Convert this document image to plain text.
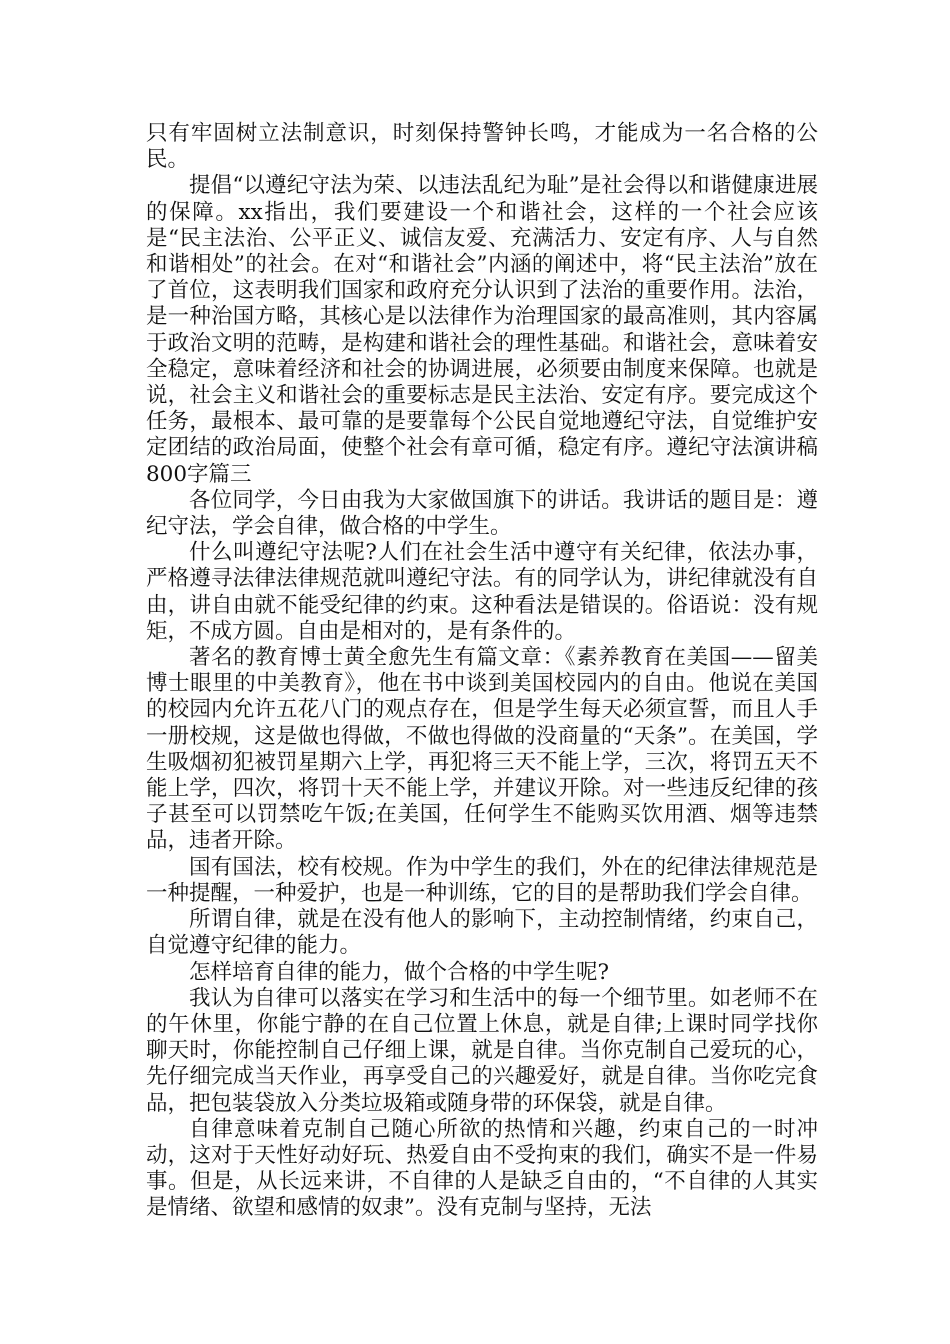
只有牢固树立法制意识，时刻保持警钟长鸣，才能成为一名合格的公民。

提倡“以遵纪守法为荣、以违法乱纪为耻”是社会得以和谐健康进展的保障。xx指出，我们要建设一个和谐社会，这样的一个社会应该是“民主法治、公平正义、诚信友爱、充满活力、安定有序、人与自然和谐相处”的社会。在对“和谐社会”内涵的阐述中，将“民主法治”放在了首位，这表明我们国家和政府充分认识到了法治的重要作用。法治，是一种治国方略，其核心是以法律作为治理国家的最高准则，其内容属于政治文明的范畴，是构建和谐社会的理性基础。和谐社会，意味着安全稳定，意味着经济和社会的协调进展，必须要由制度来保障。也就是说，社会主义和谐社会的重要标志是民主法治、安定有序。要完成这个任务，最根本、最可靠的是要靠每个公民自觉地遵纪守法，自觉维护安定团结的政治局面，使整个社会有章可循，稳定有序。遵纪守法演讲稿800字篇三

各位同学，今日由我为大家做国旗下的讲话。我讲话的题目是：遵纪守法，学会自律，做合格的中学生。

什么叫遵纪守法呢?人们在社会生活中遵守有关纪律，依法办事，严格遵寻法律法律规范就叫遵纪守法。有的同学认为，讲纪律就没有自由，讲自由就不能受纪律的约束。这种看法是错误的。俗语说：没有规矩，不成方圆。自由是相对的，是有条件的。

著名的教育博士黄全愈先生有篇文章：《素养教育在美国——留美博士眼里的中美教育》，他在书中谈到美国校园内的自由。他说在美国的校园内允许五花八门的观点存在，但是学生每天必须宣誓，而且人手一册校规，这是做也得做，不做也得做的没商量的“天条”。在美国，学生吸烟初犯被罚星期六上学，再犯将三天不能上学，三次，将罚五天不能上学，四次，将罚十天不能上学，并建议开除。对一些违反纪律的孩子甚至可以罚禁吃午饭;在美国，任何学生不能购买饮用酒、烟等违禁品，违者开除。

国有国法，校有校规。作为中学生的我们，外在的纪律法律规范是一种提醒，一种爱护，也是一种训练，它的目的是帮助我们学会自律。

所谓自律，就是在没有他人的影响下，主动控制情绪，约束自己，自觉遵守纪律的能力。

怎样培育自律的能力，做个合格的中学生呢?

我认为自律可以落实在学习和生活中的每一个细节里。如老师不在的午休里，你能宁静的在自己位置上休息，就是自律;上课时同学找你聊天时，你能控制自己仔细上课，就是自律。当你克制自己爱玩的心，先仔细完成当天作业，再享受自己的兴趣爱好，就是自律。当你吃完食品，把包装袋放入分类垃圾箱或随身带的环保袋，就是自律。

自律意味着克制自己随心所欲的热情和兴趣，约束自己的一时冲动，这对于天性好动好玩、热爱自由不受拘束的我们，确实不是一件易事。但是，从长远来讲，不自律的人是缺乏自由的，“不自律的人其实是情绪、欲望和感情的奴隶”。没有克制与坚持，无法
